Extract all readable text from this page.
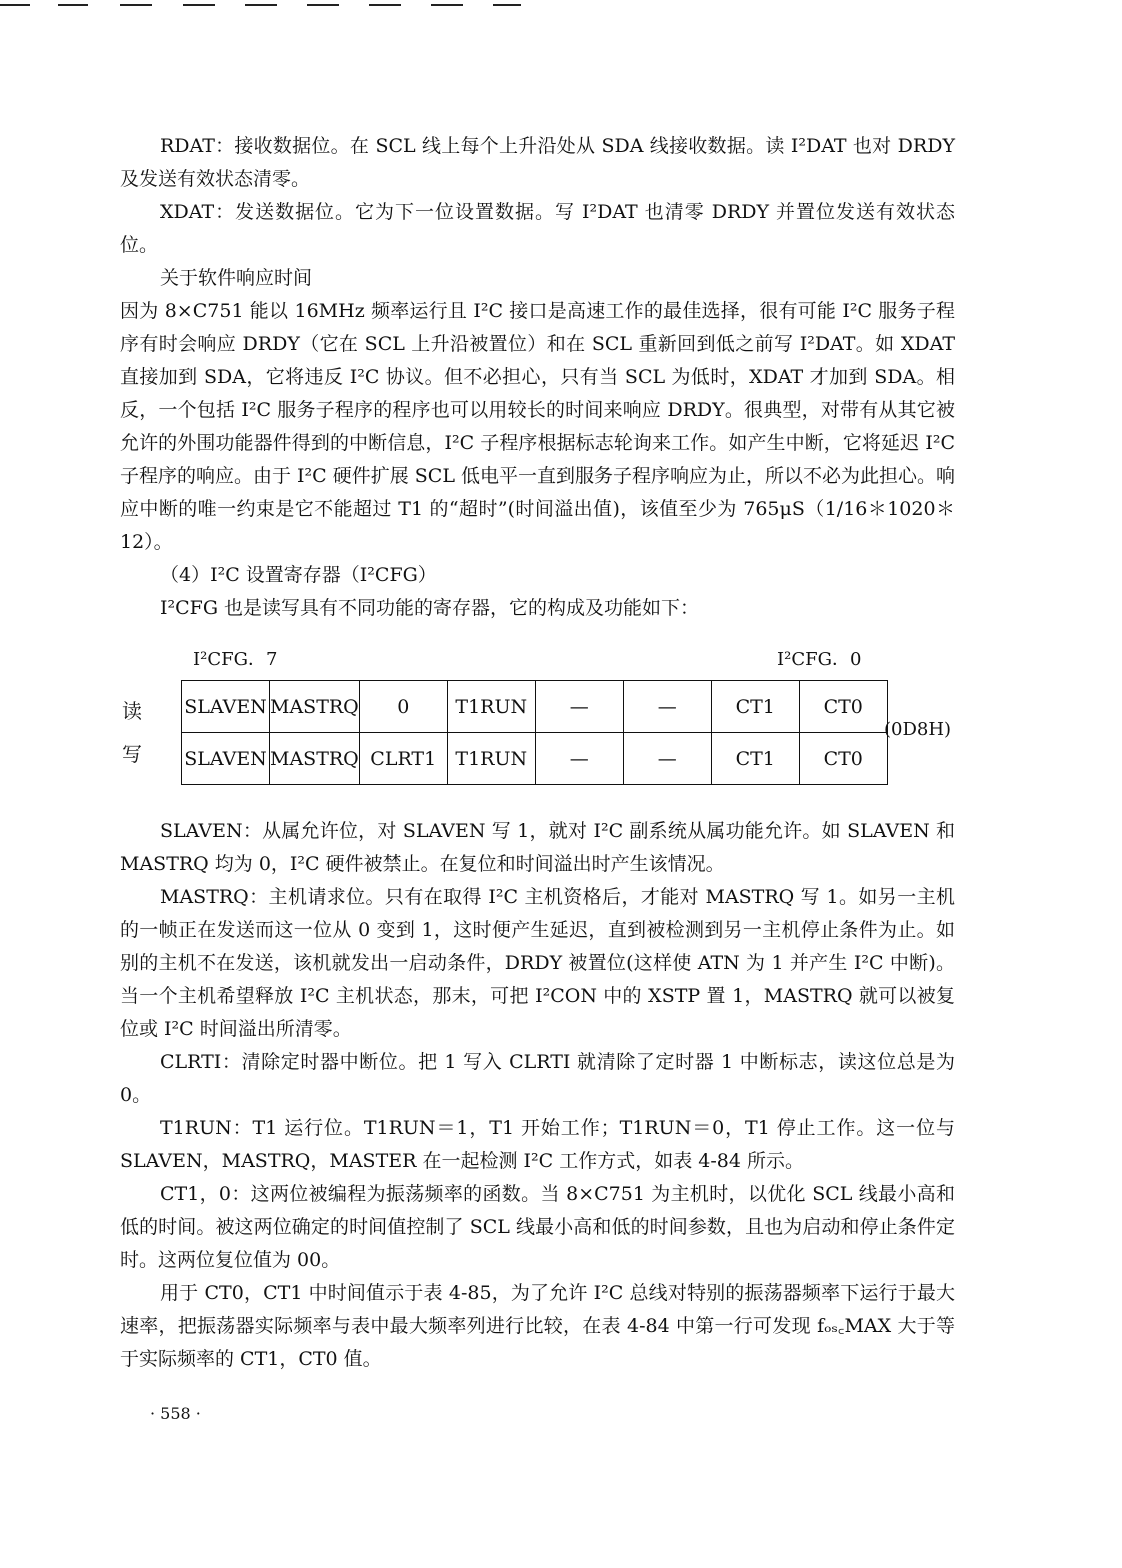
RDAT：接收数据位。在 SCL 线上每个上升沿处从 SDA 线接收数据。读 I²DAT 也对 DRDY 及发送有效状态清零。

XDAT：发送数据位。它为下一位设置数据。写 I²DAT 也清零 DRDY 并置位发送有效状态位。

关于软件响应时间

因为 8×C751 能以 16MHz 频率运行且 I²C 接口是高速工作的最佳选择，很有可能 I²C 服务子程序有时会响应 DRDY（它在 SCL 上升沿被置位）和在 SCL 重新回到低之前写 I²DAT。如 XDAT 直接加到 SDA，它将违反 I²C 协议。但不必担心，只有当 SCL 为低时，XDAT 才加到 SDA。相反，一个包括 I²C 服务子程序的程序也可以用较长的时间来响应 DRDY。很典型，对带有从其它被允许的外围功能器件得到的中断信息，I²C 子程序根据标志轮询来工作。如产生中断，它将延迟 I²C 子程序的响应。由于 I²C 硬件扩展 SCL 低电平一直到服务子程序响应为止，所以不必为此担心。响应中断的唯一约束是它不能超过 T1 的“超时”(时间溢出值)，该值至少为 765μS（1/16＊1020＊12）。

（4）I²C 设置寄存器（I²CFG）

I²CFG 也是读写具有不同功能的寄存器，它的构成及功能如下：

I²CFG．7	I²CFG．0
读
写
SLAVEN	MASTRQ	0	T1RUN	—	—	CT1	CT0
SLAVEN	MASTRQ	CLRT1	T1RUN	—	—	CT1	CT0
(0D8H)

SLAVEN：从属允许位，对 SLAVEN 写 1，就对 I²C 副系统从属功能允许。如 SLAVEN 和 MASTRQ 均为 0，I²C 硬件被禁止。在复位和时间溢出时产生该情况。

MASTRQ：主机请求位。只有在取得 I²C 主机资格后，才能对 MASTRQ 写 1。如另一主机的一帧正在发送而这一位从 0 变到 1，这时便产生延迟，直到被检测到另一主机停止条件为止。如别的主机不在发送，该机就发出一启动条件，DRDY 被置位(这样使 ATN 为 1 并产生 I²C 中断)。当一个主机希望释放 I²C 主机状态，那末，可把 I²CON 中的 XSTP 置 1，MASTRQ 就可以被复位或 I²C 时间溢出所清零。

CLRTI：清除定时器中断位。把 1 写入 CLRTI 就清除了定时器 1 中断标志，读这位总是为 0。

T1RUN：T1 运行位。T1RUN＝1，T1 开始工作；T1RUN＝0，T1 停止工作。这一位与 SLAVEN，MASTRQ，MASTER 在一起检测 I²C 工作方式，如表 4-84 所示。

CT1，0：这两位被编程为振荡频率的函数。当 8×C751 为主机时，以优化 SCL 线最小高和低的时间。被这两位确定的时间值控制了 SCL 线最小高和低的时间参数，且也为启动和停止条件定时。这两位复位值为 00。

用于 CT0，CT1 中时间值示于表 4-85，为了允许 I²C 总线对特别的振荡器频率下运行于最大速率，把振荡器实际频率与表中最大频率列进行比较，在表 4-84 中第一行可发现 fₒₛ꜀MAX 大于等于实际频率的 CT1，CT0 值。

· 558 ·
